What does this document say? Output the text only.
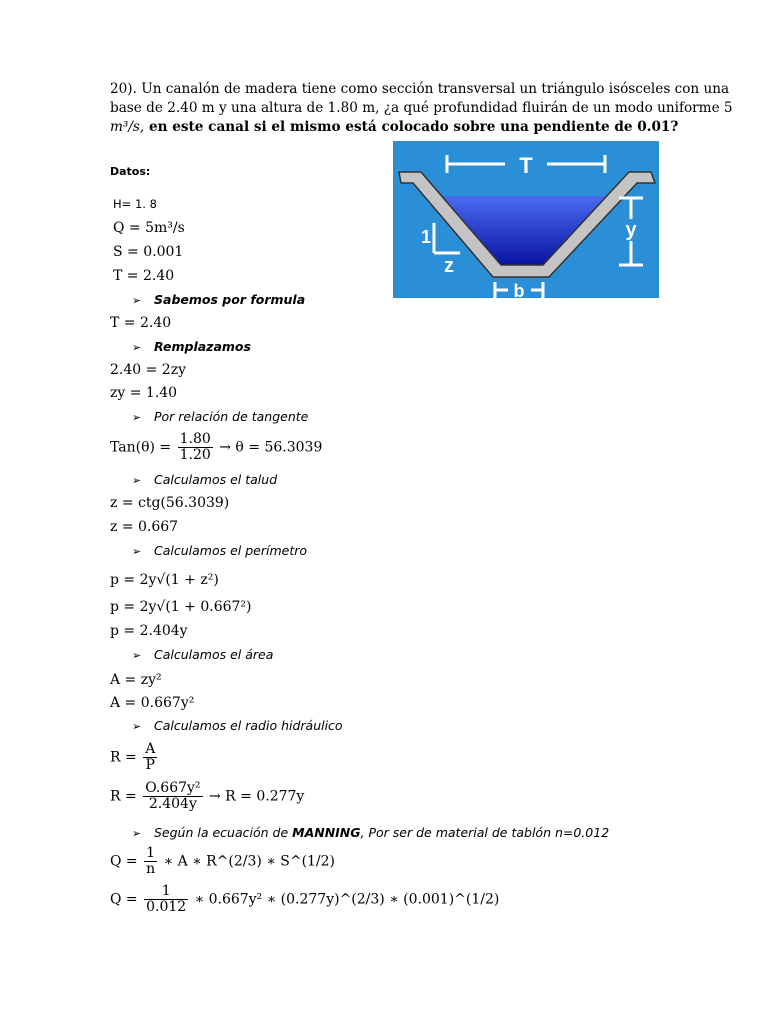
20). Un canalón de madera tiene como sección transversal un triángulo isósceles con una
base de 2.40 m y una altura de 1.80 m, ¿a qué profundidad fluirán de un modo uniforme 5
m³/s, en este canal si el mismo está colocado sobre una pendiente de 0.01?
Datos:
H= 1. 8
Q = 5m³/s
S = 0.001
T = 2.40
T
y
1
z
b
➢ Sabemos por formula
T = 2.40
➢ Remplazamos
2.40 = 2zy
zy = 1.40
➢ Por relación de tangente
$Tan(\theta) = \frac{1.80}{1.20} \to \theta = 56.3039$
➢ Calculamos el talud
z = ctg(56.3039)
z = 0.667
➢ Calculamos el perímetro
p = 2y√(1 + z²)
p = 2y√(1 + 0.667²)
p = 2.404y
➢ Calculamos el área
A = zy²
A = 0.667y²
➢ Calculamos el radio hidráulico
$R = \frac{A}{P}$
$R = \frac{\text{O.667y²}}{2.404y} \to R = 0.277y$
➢ Según la ecuación de MANNING, Por ser de material de tablón n=0.012
$Q = \frac{1}{n}$ ∗ A ∗ R^(2/3) ∗ S^(1/2)
$Q = \frac{1}{0.012}$ ∗ 0.667y² ∗ (0.277y)^(2/3) ∗ (0.001)^(1/2)
